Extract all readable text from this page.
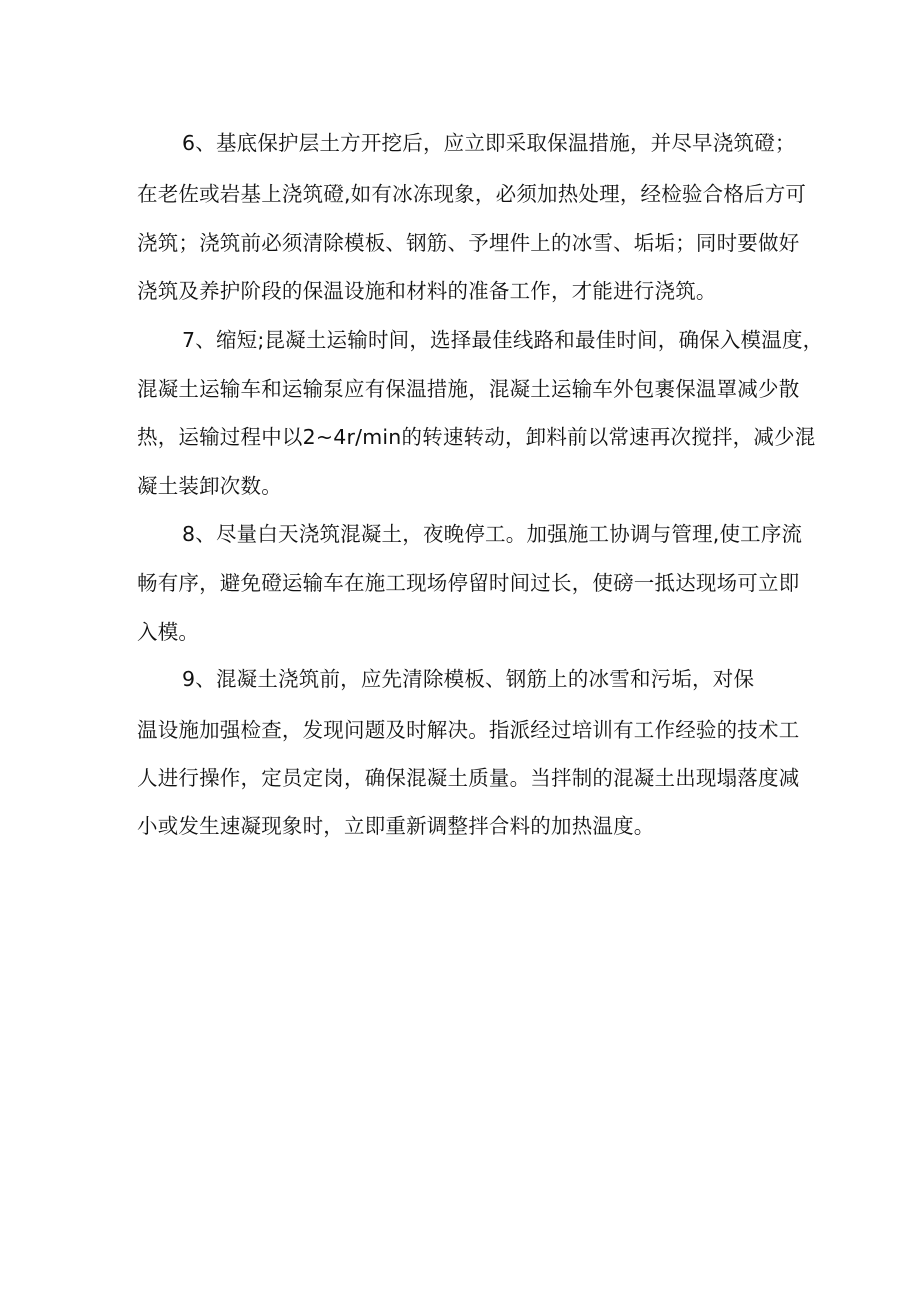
6、基底保护层土方开挖后，应立即采取保温措施，并尽早浇筑磴；
在老佐或岩基上浇筑磴,如有冰冻现象，必须加热处理，经检验合格后方可
浇筑；浇筑前必须清除模板、钢筋、予埋件上的冰雪、垢垢；同时要做好
浇筑及养护阶段的保温设施和材料的准备工作，才能进行浇筑。
7、缩短;昆凝土运输时间，选择最佳线路和最佳时间，确保入模温度，
混凝土运输车和运输泵应有保温措施，混凝土运输车外包裹保温罩减少散
热，运输过程中以2~4r∕min的转速转动，卸料前以常速再次搅拌，减少混
凝土装卸次数。
8、尽量白天浇筑混凝土，夜晚停工。加强施工协调与管理,使工序流
畅有序，避免磴运输车在施工现场停留时间过长，使磅一抵达现场可立即
入模。
9、混凝土浇筑前，应先清除模板、钢筋上的冰雪和污垢，对保
温设施加强检查，发现问题及时解决。指派经过培训有工作经验的技术工
人进行操作，定员定岗，确保混凝土质量。当拌制的混凝土出现塌落度减
小或发生速凝现象时，立即重新调整拌合料的加热温度。
